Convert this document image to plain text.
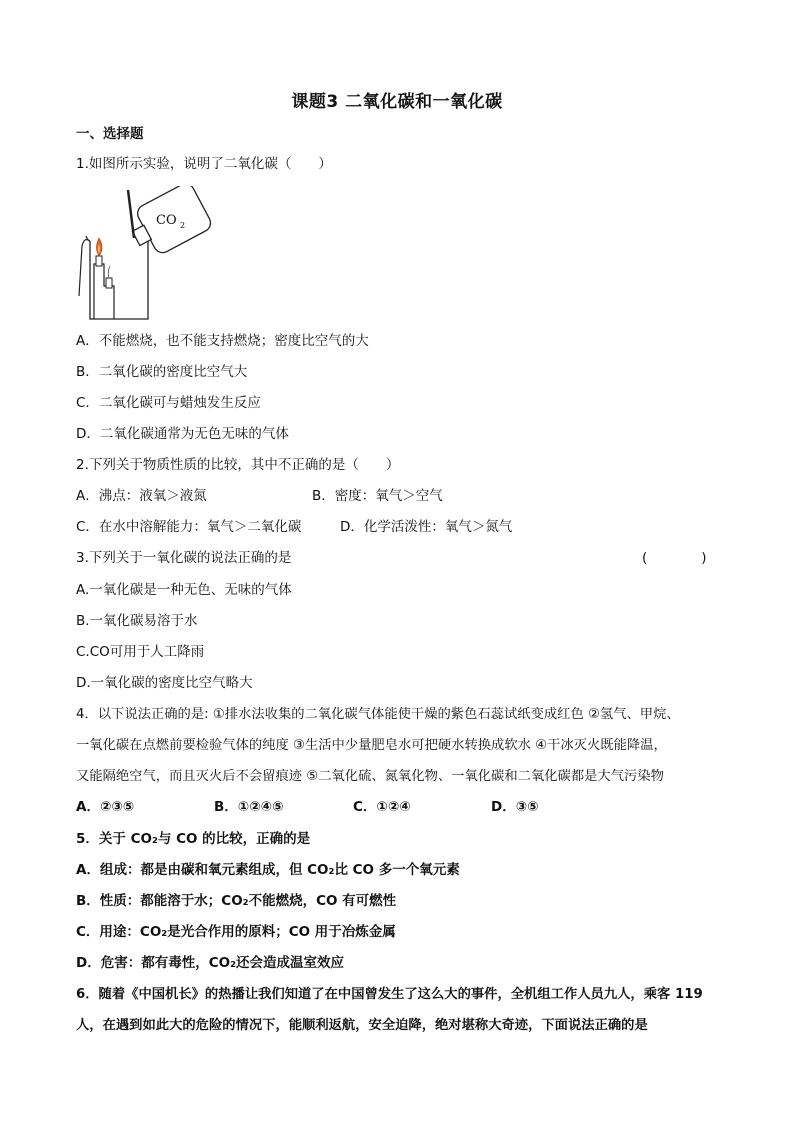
课题3 二氧化碳和一氧化碳
一、选择题
1.如图所示实验，说明了二氧化碳（　　）
CO 2
A．不能燃烧，也不能支持燃烧；密度比空气的大
B．二氧化碳的密度比空气大
C．二氧化碳可与蜡烛发生反应
D．二氧化碳通常为无色无味的气体
2.下列关于物质性质的比较，其中不正确的是（　　）
A．沸点：液氧＞液氮	B．密度：氧气＞空气
C．在水中溶解能力：氧气＞二氧化碳	D．化学活泼性：氧气＞氮气
3.下列关于一氧化碳的说法正确的是	(　　　　)
A.一氧化碳是一种无色、无味的气体
B.一氧化碳易溶于水
C.CO可用于人工降雨
D.一氧化碳的密度比空气略大
4．以下说法正确的是: ①排水法收集的二氧化碳气体能使干燥的紫色石蕊试纸变成红色 ②氢气、甲烷、
一氧化碳在点燃前要检验气体的纯度 ③生活中少量肥皂水可把硬水转换成软水 ④干冰灭火既能降温，
又能隔绝空气，而且灭火后不会留痕迹 ⑤二氧化硫、氮氧化物、一氧化碳和二氧化碳都是大气污染物
A．②③⑤	B．①②④⑤	C．①②④	D．③⑤
5．关于 CO₂与 CO 的比较，正确的是
A．组成：都是由碳和氧元素组成，但 CO₂比 CO 多一个氧元素
B．性质：都能溶于水；CO₂不能燃烧，CO 有可燃性
C．用途：CO₂是光合作用的原料；CO 用于冶炼金属
D．危害：都有毒性，CO₂还会造成温室效应
6．随着《中国机长》的热播让我们知道了在中国曾发生了这么大的事件，全机组工作人员九人，乘客 119
人，在遇到如此大的危险的情况下，能顺利返航，安全迫降，绝对堪称大奇迹，下面说法正确的是
